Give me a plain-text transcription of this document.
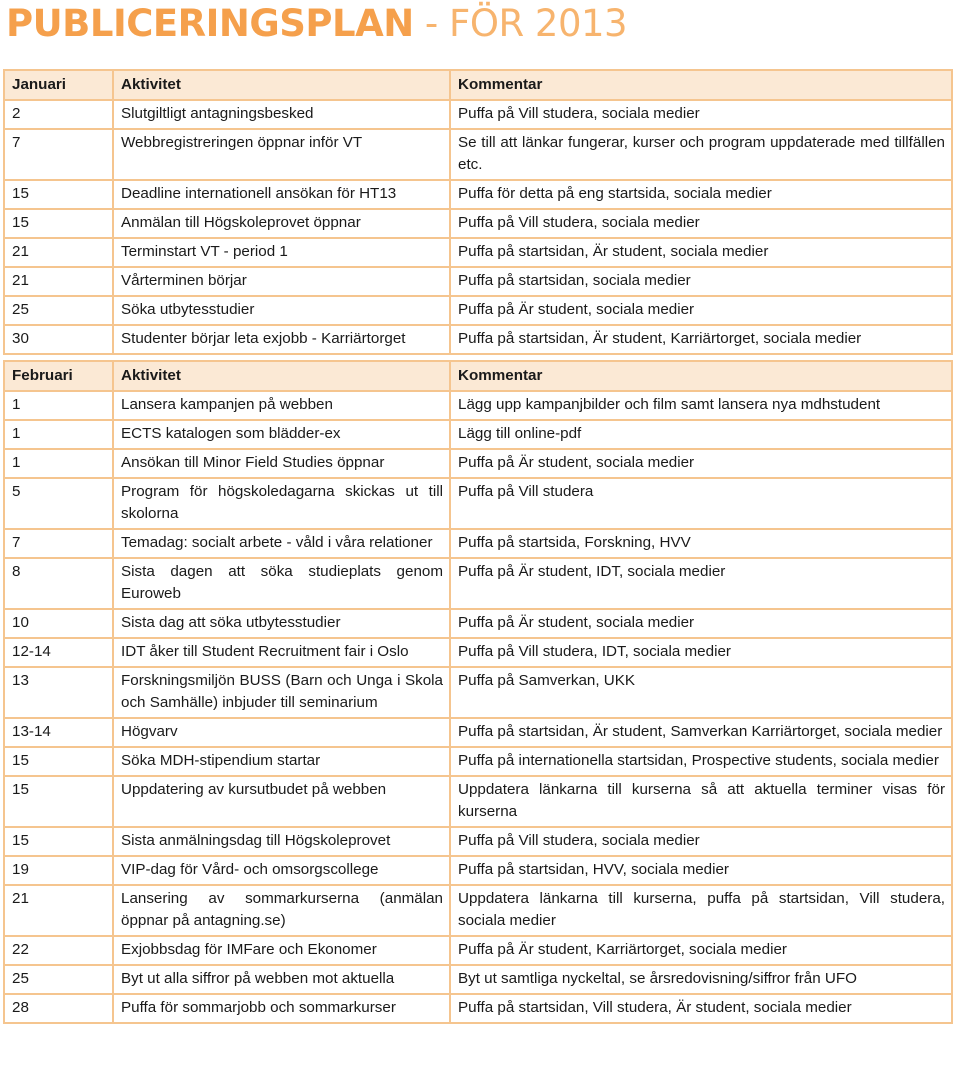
PUBLICERINGSPLAN - FÖR 2013
Januari	Aktivitet	Kommentar
2	Slutgiltligt antagningsbesked	Puffa på Vill studera, sociala medier
7	Webbregistreringen öppnar inför VT	Se till att länkar fungerar, kurser och program uppdaterade med tillfällen etc.
15	Deadline internationell ansökan för HT13	Puffa för detta på eng startsida, sociala medier
15	Anmälan till Högskoleprovet öppnar	Puffa på Vill studera, sociala medier
21	Terminstart VT - period 1	Puffa på startsidan, Är student, sociala medier
21	Vårterminen börjar	Puffa på startsidan, sociala medier
25	Söka utbytesstudier	Puffa på Är student, sociala medier
30	Studenter börjar leta exjobb - Karriärtorget	Puffa på startsidan, Är student, Karriärtorget, sociala medier
Februari	Aktivitet	Kommentar
1	Lansera kampanjen på webben	Lägg upp kampanjbilder och film samt lansera nya mdhstudent
1	ECTS katalogen som blädder-ex	Lägg till online-pdf
1	Ansökan till Minor Field Studies öppnar	Puffa på Är student, sociala medier
5	Program för högskoledagarna skickas ut till skolorna	Puffa på Vill studera
7	Temadag: socialt arbete - våld i våra relationer	Puffa på startsida, Forskning, HVV
8	Sista dagen att söka studieplats genom Euroweb	Puffa på Är student, IDT, sociala medier
10	Sista dag att söka utbytesstudier	Puffa på Är student, sociala medier
12-14	IDT åker till Student Recruitment fair i Oslo	Puffa på Vill studera, IDT, sociala medier
13	Forskningsmiljön BUSS (Barn och Unga i Skola och Samhälle) inbjuder till seminarium	Puffa på Samverkan, UKK
13-14	Högvarv	Puffa på startsidan, Är student, Samverkan Karriärtorget, sociala medier
15	Söka MDH-stipendium startar	Puffa på internationella startsidan, Prospective students, sociala medier
15	Uppdatering av kursutbudet på webben	Uppdatera länkarna till kurserna så att aktuella terminer visas för kurserna
15	Sista anmälningsdag till Högskoleprovet	Puffa på Vill studera, sociala medier
19	VIP-dag för Vård- och omsorgscollege	Puffa på startsidan, HVV, sociala medier
21	Lansering av sommarkurserna (anmälan öppnar på antagning.se)	Uppdatera länkarna till kurserna, puffa på startsidan, Vill studera, sociala medier
22	Exjobbsdag för IMFare och Ekonomer	Puffa på Är student, Karriärtorget, sociala medier
25	Byt ut alla siffror på webben mot aktuella	Byt ut samtliga nyckeltal, se årsredovisning/siffror från UFO
28	Puffa för sommarjobb och sommarkurser	Puffa på startsidan, Vill studera, Är student, sociala medier
